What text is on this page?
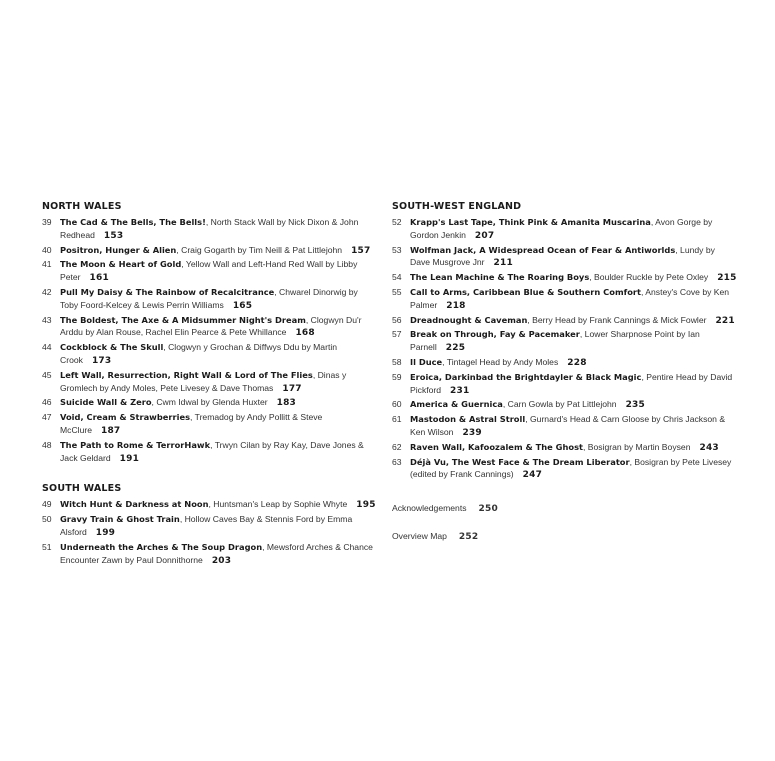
NORTH WALES
39	The Cad & The Bells, The Bells!, North Stack Wall by Nick Dixon & John Redhead 153
40	Positron, Hunger & Alien, Craig Gogarth by Tim Neill & Pat Littlejohn 157
41	The Moon & Heart of Gold, Yellow Wall and Left-Hand Red Wall by Libby Peter 161
42	Pull My Daisy & The Rainbow of Recalcitrance, Chwarel Dinorwig by Toby Foord-Kelcey & Lewis Perrin Williams 165
43	The Boldest, The Axe & A Midsummer Night's Dream, Clogwyn Du'r Arddu by Alan Rouse, Rachel Elin Pearce & Pete Whillance 168
44	Cockblock & The Skull, Clogwyn y Grochan & Diffwys Ddu by Martin Crook 173
45	Left Wall, Resurrection, Right Wall & Lord of The Flies, Dinas y Gromlech by Andy Moles, Pete Livesey & Dave Thomas 177
46	Suicide Wall & Zero, Cwm Idwal by Glenda Huxter 183
47	Void, Cream & Strawberries, Tremadog by Andy Pollitt & Steve McClure 187
48	The Path to Rome & TerrorHawk, Trwyn Cilan by Ray Kay, Dave Jones & Jack Geldard 191
SOUTH WALES
49	Witch Hunt & Darkness at Noon, Huntsman's Leap by Sophie Whyte 195
50	Gravy Train & Ghost Train, Hollow Caves Bay & Stennis Ford by Emma Alsford 199
51	Underneath the Arches & The Soup Dragon, Mewsford Arches & Chance Encounter Zawn by Paul Donnithorne 203
SOUTH-WEST ENGLAND
52	Krapp's Last Tape, Think Pink & Amanita Muscarina, Avon Gorge by Gordon Jenkin 207
53	Wolfman Jack, A Widespread Ocean of Fear & Antiworlds, Lundy by Dave Musgrove Jnr 211
54	The Lean Machine & The Roaring Boys, Boulder Ruckle by Pete Oxley 215
55	Call to Arms, Caribbean Blue & Southern Comfort, Anstey's Cove by Ken Palmer 218
56	Dreadnought & Caveman, Berry Head by Frank Cannings & Mick Fowler 221
57	Break on Through, Fay & Pacemaker, Lower Sharpnose Point by Ian Parnell 225
58	Il Duce, Tintagel Head by Andy Moles 228
59	Eroica, Darkinbad the Brightdayler & Black Magic, Pentire Head by David Pickford 231
60	America & Guernica, Carn Gowla by Pat Littlejohn 235
61	Mastodon & Astral Stroll, Gurnard's Head & Carn Gloose by Chris Jackson & Ken Wilson 239
62	Raven Wall, Kafoozalem & The Ghost, Bosigran by Martin Boysen 243
63	Déjà Vu, The West Face & The Dream Liberator, Bosigran by Pete Livesey (edited by Frank Cannings) 247
Acknowledgements 250
Overview Map 252
